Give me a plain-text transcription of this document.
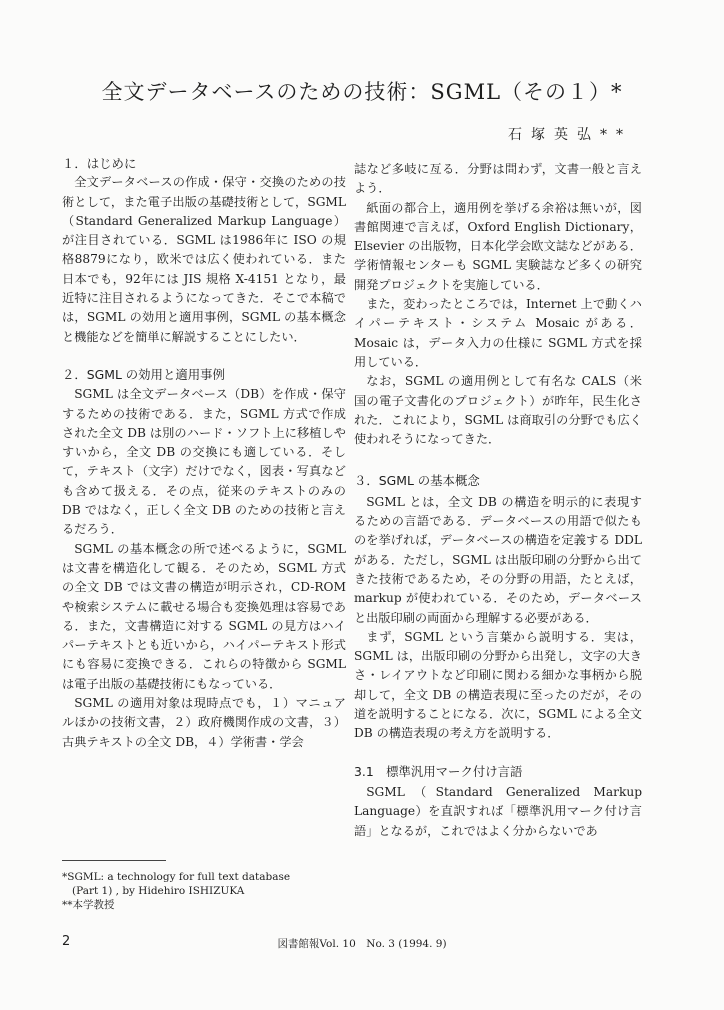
全文データベースのための技術：SGML（その１）*
石塚英弘**
１．はじめに

全文データベースの作成・保守・交換のための技術として，また電子出版の基礎技術として，SGML（Standard Generalized Markup Language）が注目されている．SGML は1986年に ISO の規格8879になり，欧米では広く使われている．また日本でも，92年には JIS 規格 X-4151 となり，最近特に注目されるようになってきた．そこで本稿では，SGML の効用と適用事例，SGML の基本概念と機能などを簡単に解説することにしたい．

２．SGML の効用と適用事例

SGML は全文データベース（DB）を作成・保守するための技術である．また，SGML 方式で作成された全文 DB は別のハード・ソフト上に移植しやすいから，全文 DB の交換にも適している．そして，テキスト（文字）だけでなく，図表・写真なども含めて扱える．その点，従来のテキストのみの DB ではなく，正しく全文 DB のための技術と言えるだろう．

SGML の基本概念の所で述べるように，SGML は文書を構造化して観る．そのため，SGML 方式の全文 DB では文書の構造が明示され，CD-ROM や検索システムに載せる場合も変換処理は容易である．また，文書構造に対する SGML の見方はハイパーテキストとも近いから，ハイパーテキスト形式にも容易に変換できる．これらの特徴から SGML は電子出版の基礎技術にもなっている．

SGML の適用対象は現時点でも，１）マニュアルほかの技術文書，２）政府機関作成の文書，３）古典テキストの全文 DB，４）学術書・学会

誌など多岐に亙る．分野は問わず，文書一般と言えよう．

紙面の都合上，適用例を挙げる余裕は無いが，図書館関連で言えば，Oxford English Dictionary，Elsevier の出版物，日本化学会欧文誌などがある．学術情報センターも SGML 実験誌など多くの研究開発プロジェクトを実施している．

また，変わったところでは，Internet 上で動くハイパーテキスト・システム Mosaic がある．Mosaic は，データ入力の仕様に SGML 方式を採用している．

なお，SGML の適用例として有名な CALS（米国の電子文書化のプロジェクト）が昨年，民生化された．これにより，SGML は商取引の分野でも広く使われそうになってきた．

３．SGML の基本概念

SGML とは，全文 DB の構造を明示的に表現するための言語である．データベースの用語で似たものを挙げれば，データベースの構造を定義する DDL がある．ただし，SGML は出版印刷の分野から出てきた技術であるため，その分野の用語，たとえば，markup が使われている．そのため，データベースと出版印刷の両面から理解する必要がある．

まず，SGML という言葉から説明する．実は，SGML は，出版印刷の分野から出発し，文字の大きさ・レイアウトなど印刷に関わる細かな事柄から脱却して，全文 DB の構造表現に至ったのだが，その道を説明することになる．次に，SGML による全文 DB の構造表現の考え方を説明する．

3.1　標準汎用マーク付け言語

SGML（Standard Generalized Markup Language）を直訳すれば「標準汎用マーク付け言語」となるが，これではよく分からないであ

*SGML: a technology for full text database

(Part 1) , by Hidehiro ISHIZUKA

**本学教授

2	図書館報Vol. 10　No. 3 (1994. 9)
